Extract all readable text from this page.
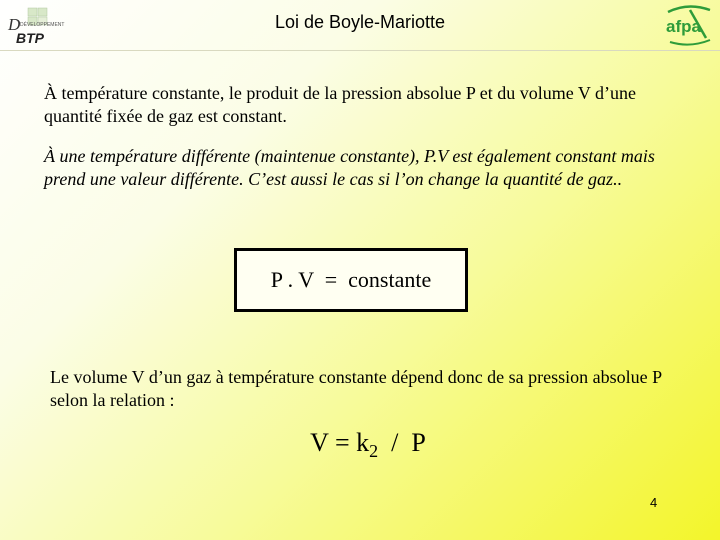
D DÉVELOPPEMENT
BTP
Loi de Boyle-Mariotte	afpa
À température constante, le produit de la pression absolue P et du volume V d’une quantité fixée de gaz est constant.
À une température différente (maintenue constante), P.V est également constant mais prend une valeur différente. C’est aussi le cas si l’on change la quantité de gaz..
P . V  =  constante
Le volume V d’un gaz à température constante dépend donc de sa pression absolue P selon la relation :
$V = k_2 / P$
4
